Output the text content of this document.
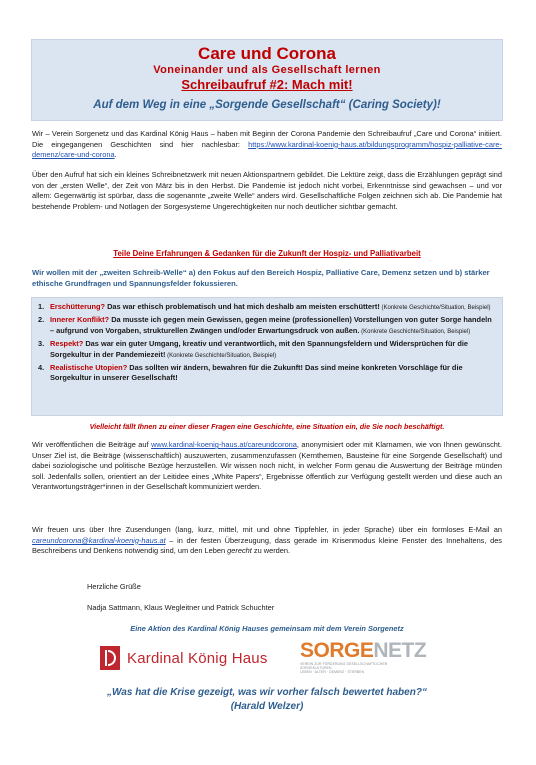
Care und Corona
Voneinander und als Gesellschaft lernen
Schreibaufruf #2: Mach mit!
Auf dem Weg in eine „Sorgende Gesellschaft“ (Caring Society)!
Wir – Verein Sorgenetz und das Kardinal König Haus – haben mit Beginn der Corona Pandemie den Schreibaufruf „Care und Corona“ initiiert. Die eingegangenen Geschichten sind hier nachlesbar: https://www.kardinal-koenig-haus.at/bildungsprogramm/hospiz-palliative-care-demenz/care-und-corona.
Über den Aufruf hat sich ein kleines Schreibnetzwerk mit neuen Aktionspartnern gebildet. Die Lektüre zeigt, dass die Erzählungen geprägt sind von der „ersten Welle“, der Zeit von März bis in den Herbst. Die Pandemie ist jedoch nicht vorbei, Erkenntnisse sind gewachsen – und vor allem: Gegenwärtig ist spürbar, dass die sogenannte „zweite Welle“ anders wird. Gesellschaftliche Folgen zeichnen sich ab. Die Pandemie hat bestehende Problem- und Notlagen der Sorgesysteme Ungerechtigkeiten nur noch deutlicher sichtbar gemacht.
Teile Deine Erfahrungen & Gedanken für die Zukunft der Hospiz- und Palliativarbeit
Wir wollen mit der „zweiten Schreib-Welle“ a) den Fokus auf den Bereich Hospiz, Palliative Care, Demenz setzen und b) stärker ethische Grundfragen und Spannungsfelder fokussieren.
1. Erschütterung? Das war ethisch problematisch und hat mich deshalb am meisten erschüttert! (Konkrete Geschichte/Situation, Beispiel)
2. Innerer Konflikt? Da musste ich gegen mein Gewissen, gegen meine (professionellen) Vorstellungen von guter Sorge handeln – aufgrund von Vorgaben, strukturellen Zwängen und/oder Erwartungsdruck von außen. (Konkrete Geschichte/Situation, Beispiel)
3. Respekt? Das war ein guter Umgang, kreativ und verantwortlich, mit den Spannungsfeldern und Widersprüchen für die Sorgekultur in der Pandemiezeit! (Konkrete Geschichte/Situation, Beispiel)
4. Realistische Utopien? Das sollten wir ändern, bewahren für die Zukunft! Das sind meine konkreten Vorschläge für die Sorgekultur in unserer Gesellschaft!
Vielleicht fällt Ihnen zu einer dieser Fragen eine Geschichte, eine Situation ein, die Sie noch beschäftigt.
Wir veröffentlichen die Beiträge auf www.kardinal-koenig-haus.at/careundcorona, anonymisiert oder mit Klarnamen, wie von Ihnen gewünscht. Unser Ziel ist, die Beiträge (wissenschaftlich) auszuwerten, zusammenzufassen (Kernthemen, Bausteine für eine Sorgende Gesellschaft) und dabei soziologische und politische Bezüge herzustellen. Wir wissen noch nicht, in welcher Form genau die Auswertung der Beiträge münden soll. Jedenfalls sollen, orientiert an der Leitidee eines „White Papers“, Ergebnisse öffentlich zur Verfügung gestellt werden und diese auch an Verantwortungsträger*innen in der Gesellschaft kommuniziert werden.
Wir freuen uns über Ihre Zusendungen (lang, kurz, mittel, mit und ohne Tippfehler, in jeder Sprache) über ein formloses E-Mail an careundcorona@kardinal-koenig-haus.at – in der festen Überzeugung, dass gerade im Krisenmodus kleine Fenster des Innehaltens, des Beschreibens und Denkens notwendig sind, um den Leben gerecht zu werden.
Herzliche Grüße
Nadja Sattmann, Klaus Wegleitner und Patrick Schuchter
Eine Aktion des Kardinal König Hauses gemeinsam mit dem Verein Sorgenetz
Kardinal König Haus SORGENETZ
VEREIN ZUR FÖRDERUNG GESELLSCHAFTLICHER SORGEKULTUREN
LEBEN · ALTER · DEMENZ · STERBEN
„Was hat die Krise gezeigt, was wir vorher falsch bewertet haben?“
(Harald Welzer)
